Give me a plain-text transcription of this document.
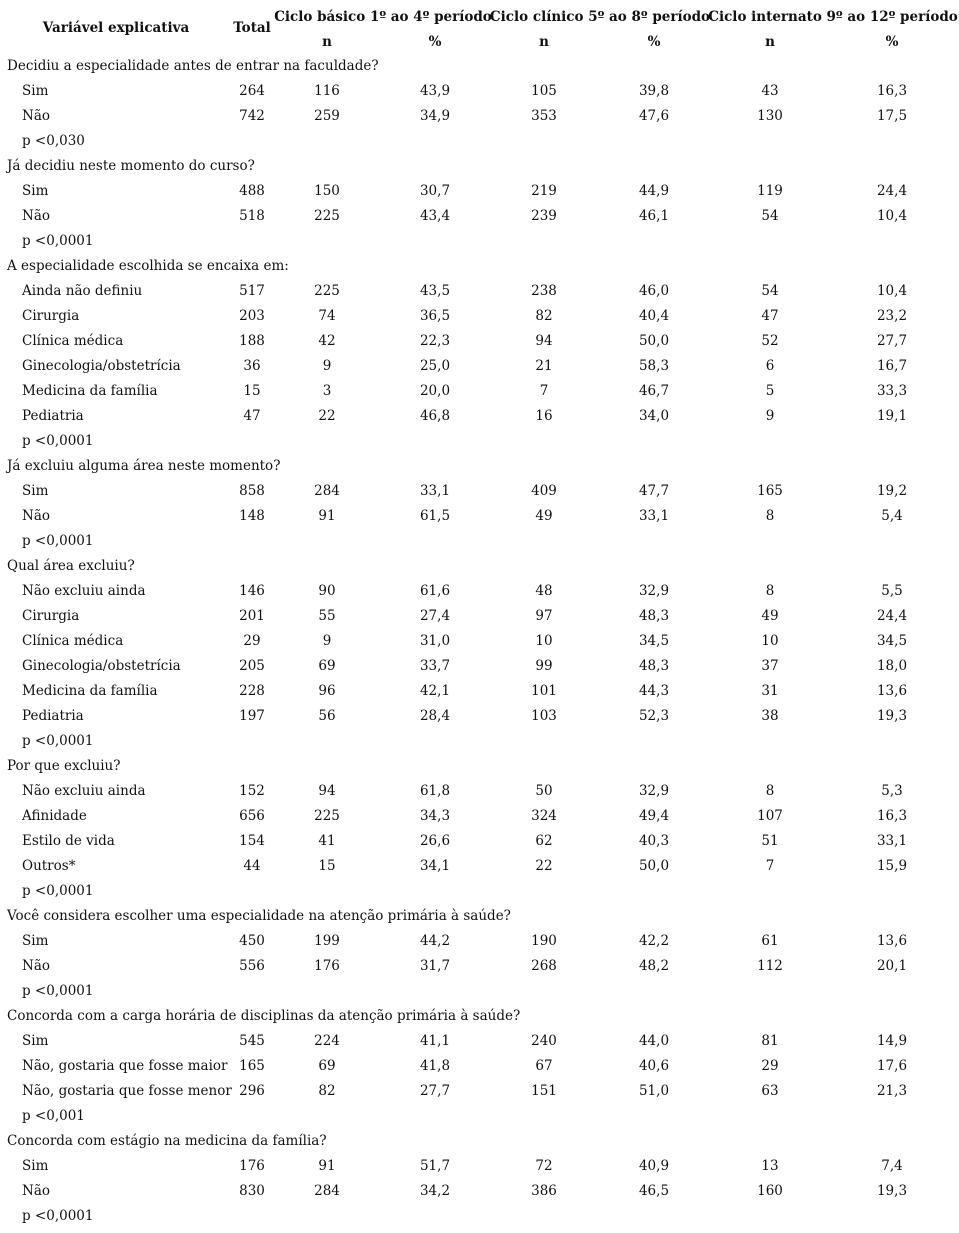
Variável explicativa	Total
Ciclo básico 1º ao 4º período
Ciclo clínico 5º ao 8º período
Ciclo internato 9º ao 12º período
n	%	n	%	n	%
Decidiu a especialidade antes de entrar na faculdade?
Sim	264	116	43,9	105	39,8	43	16,3
Não	742	259	34,9	353	47,6	130	17,5
p <0,030
Já decidiu neste momento do curso?
Sim	488	150	30,7	219	44,9	119	24,4
Não	518	225	43,4	239	46,1	54	10,4
p <0,0001
A especialidade escolhida se encaixa em:
Ainda não definiu	517	225	43,5	238	46,0	54	10,4
Cirurgia	203	74	36,5	82	40,4	47	23,2
Clínica médica	188	42	22,3	94	50,0	52	27,7
Ginecologia/obstetrícia	36	9	25,0	21	58,3	6	16,7
Medicina da família	15	3	20,0	7	46,7	5	33,3
Pediatria	47	22	46,8	16	34,0	9	19,1
p <0,0001
Já excluiu alguma área neste momento?
Sim	858	284	33,1	409	47,7	165	19,2
Não	148	91	61,5	49	33,1	8	5,4
p <0,0001
Qual área excluiu?
Não excluiu ainda	146	90	61,6	48	32,9	8	5,5
Cirurgia	201	55	27,4	97	48,3	49	24,4
Clínica médica	29	9	31,0	10	34,5	10	34,5
Ginecologia/obstetrícia	205	69	33,7	99	48,3	37	18,0
Medicina da família	228	96	42,1	101	44,3	31	13,6
Pediatria	197	56	28,4	103	52,3	38	19,3
p <0,0001
Por que excluiu?
Não excluiu ainda	152	94	61,8	50	32,9	8	5,3
Afinidade	656	225	34,3	324	49,4	107	16,3
Estilo de vida	154	41	26,6	62	40,3	51	33,1
Outros*	44	15	34,1	22	50,0	7	15,9
p <0,0001
Você considera escolher uma especialidade na atenção primária à saúde?
Sim	450	199	44,2	190	42,2	61	13,6
Não	556	176	31,7	268	48,2	112	20,1
p <0,0001
Concorda com a carga horária de disciplinas da atenção primária à saúde?
Sim	545	224	41,1	240	44,0	81	14,9
Não, gostaria que fosse maior 165	69	41,8	67	40,6	29	17,6
Não, gostaria que fosse menor 296	82	27,7	151	51,0	63	21,3
p <0,001
Concorda com estágio na medicina da família?
Sim	176	91	51,7	72	40,9	13	7,4
Não	830	284	34,2	386	46,5	160	19,3
p <0,0001
